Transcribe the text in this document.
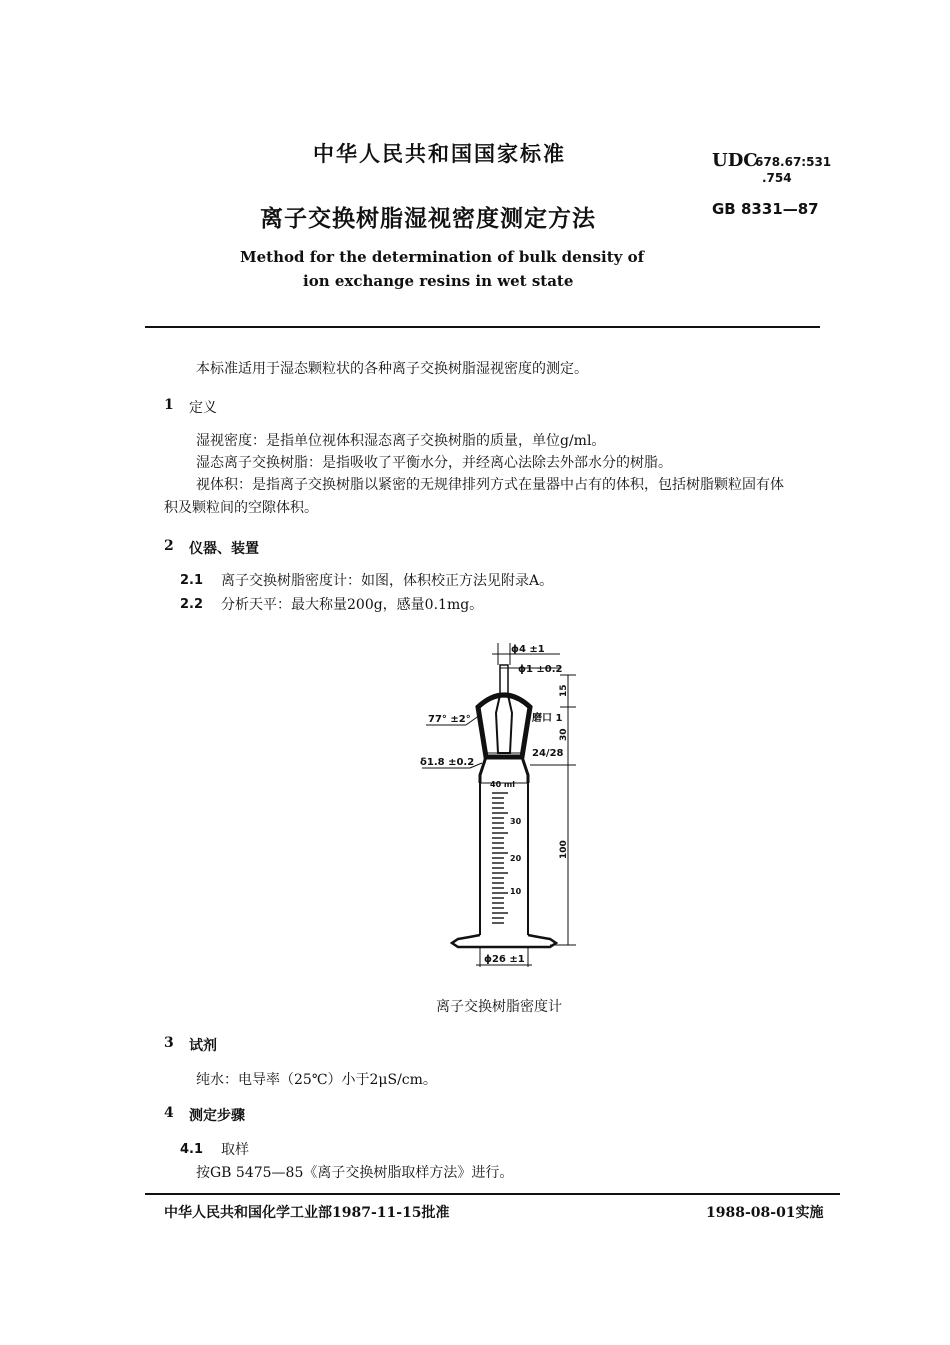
中华人民共和国国家标准	UDC
678.67:531
.754
离子交换树脂湿视密度测定方法	GB 8331—87
Method for the determination of bulk density of
ion exchange resins in wet state
本标准适用于湿态颗粒状的各种离子交换树脂湿视密度的测定。
1 定义
湿视密度：是指单位视体积湿态离子交换树脂的质量，单位g/ml。
湿态离子交换树脂：是指吸收了平衡水分，并经离心法除去外部水分的树脂。
视体积：是指离子交换树脂以紧密的无规律排列方式在量器中占有的体积，包括树脂颗粒固有体
积及颗粒间的空隙体积。
2 仪器、装置
2.1 离子交换树脂密度计：如图，体积校正方法见附录A。
2.2 分析天平：最大称量200g，感量0.1mg。
ϕ4 ±1
ϕ1 ±0.2
77° ±2°
δ1.8 ±0.2
磨口 1
24/28
15
30
40 ml
30
20
10
100
ϕ26 ±1
离子交换树脂密度计
3 试剂
纯水：电导率（25℃）小于2μS/cm。
4 测定步骤
4.1 取样
按GB 5475—85《离子交换树脂取样方法》进行。
中华人民共和国化学工业部1987-11-15批准	1988-08-01实施
